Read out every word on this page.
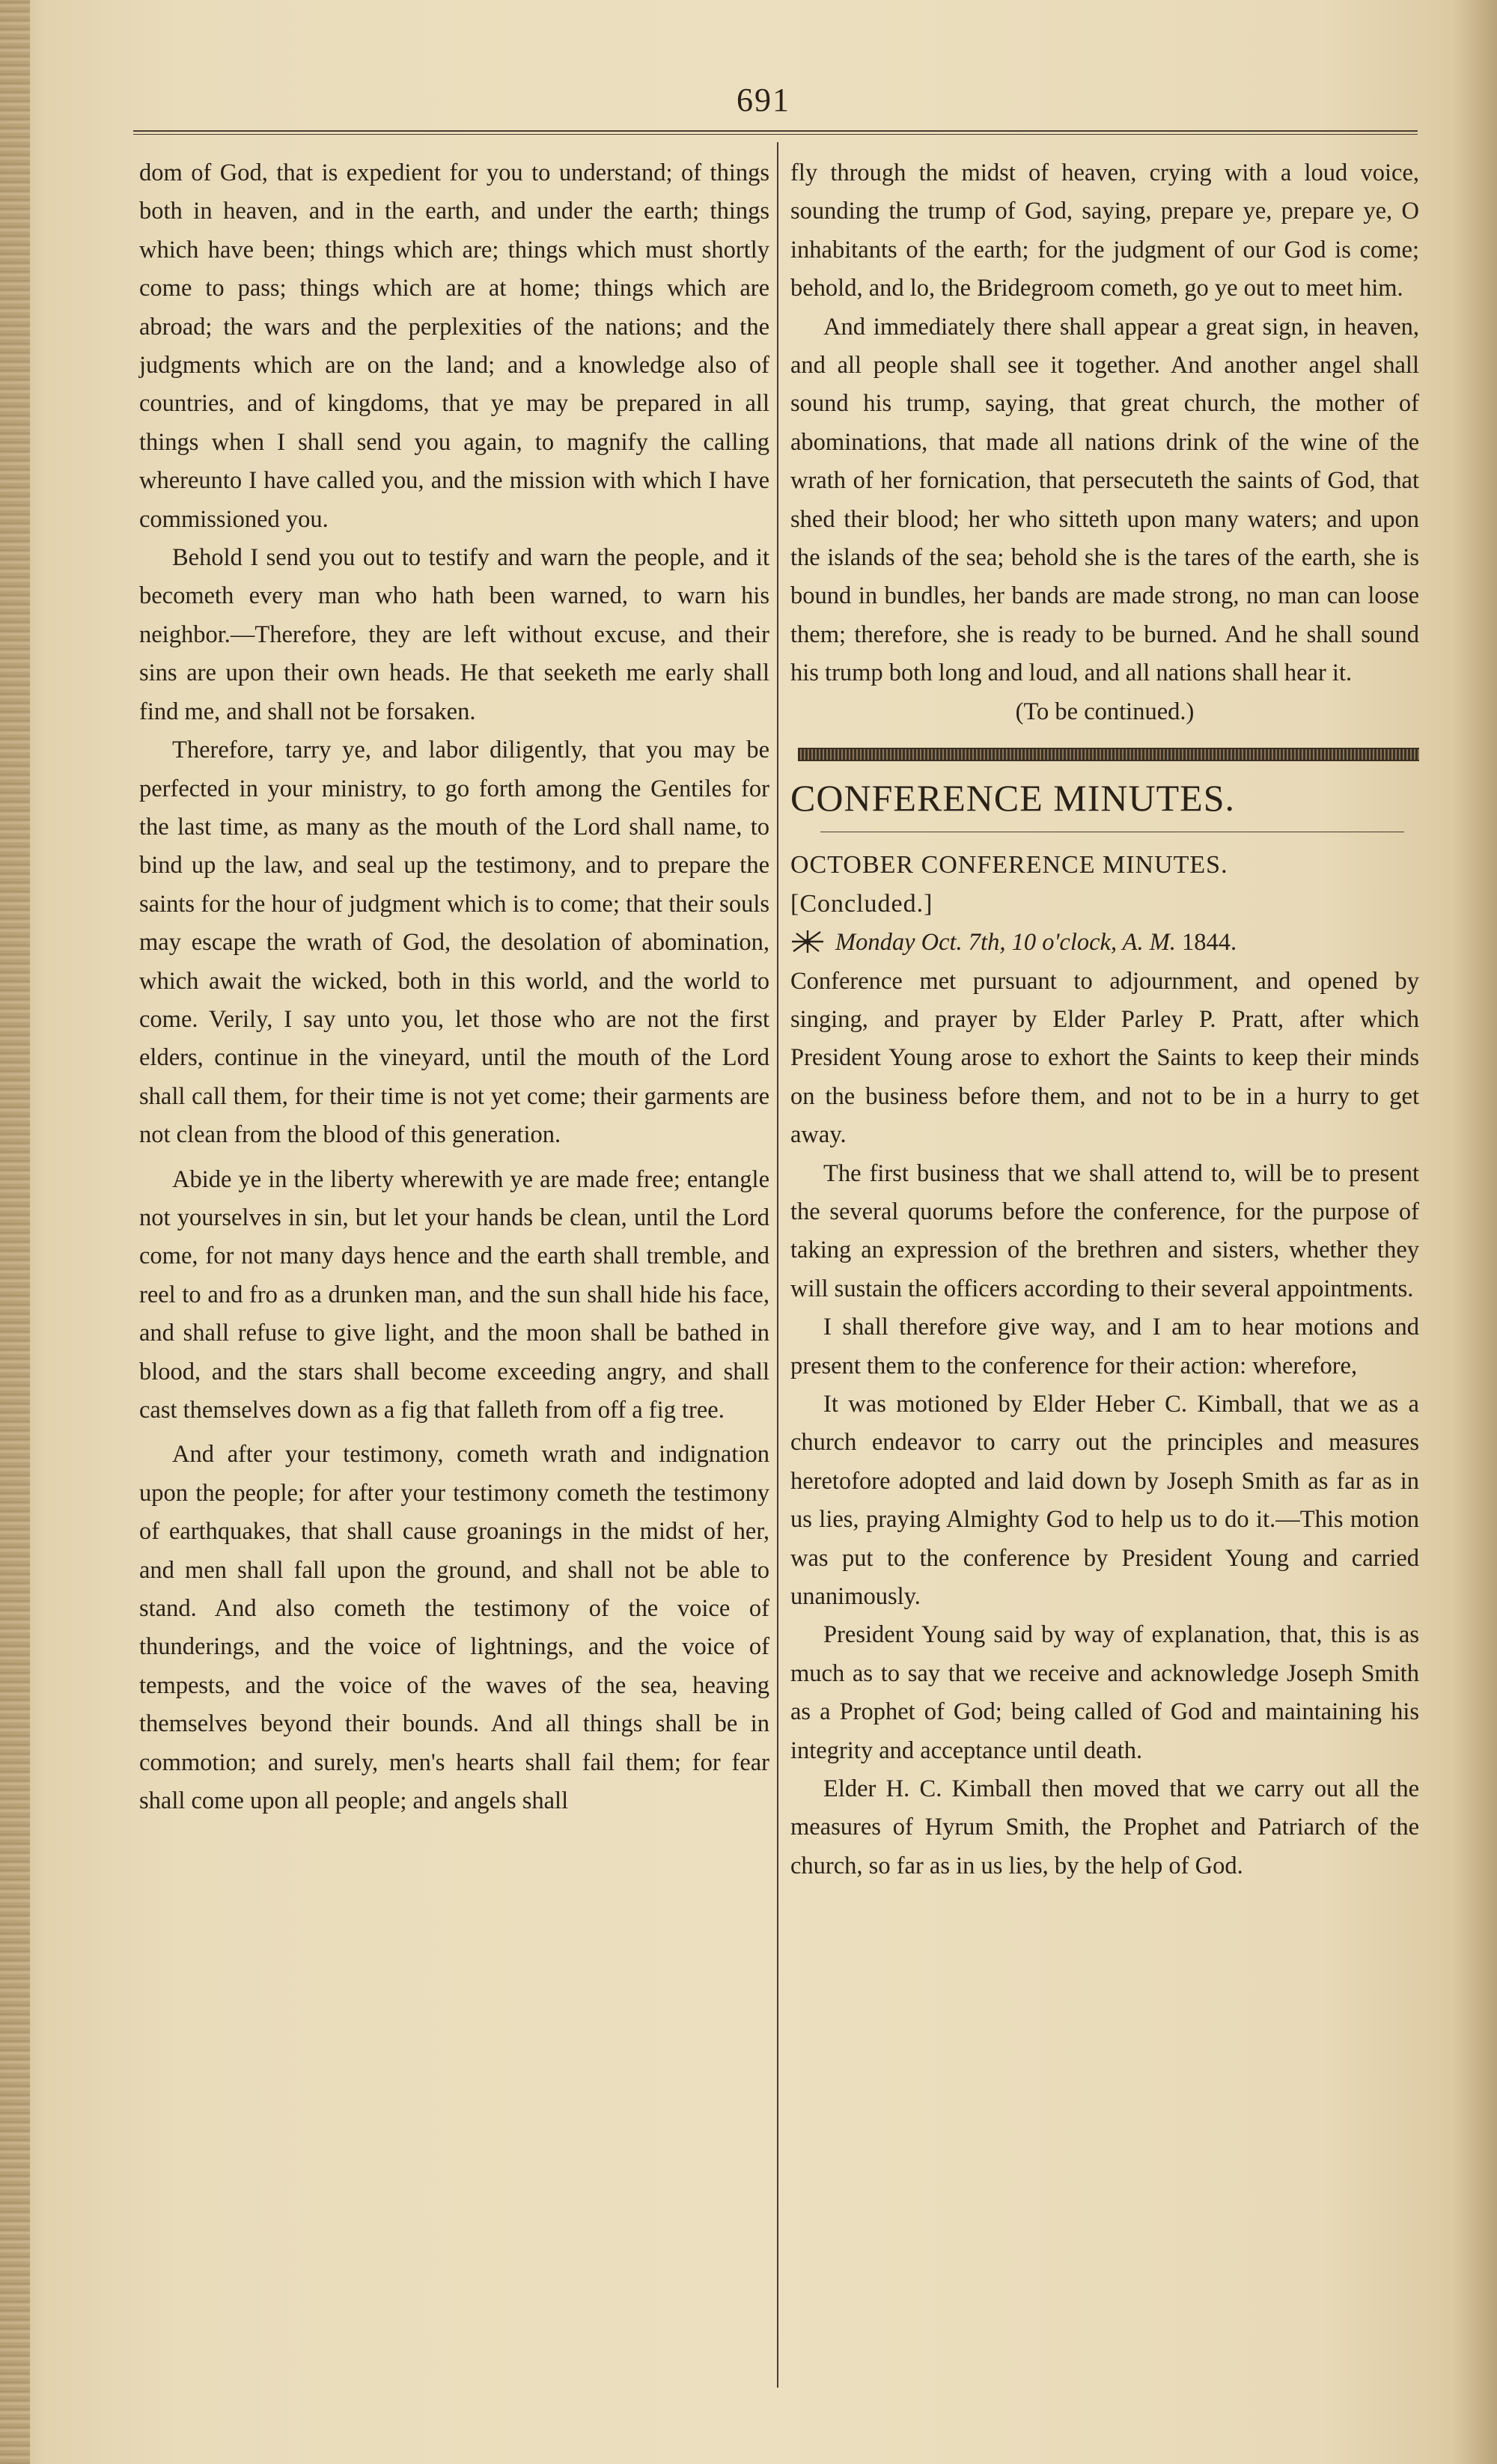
691

dom of God, that is expedient for you to understand; of things both in heaven, and in the earth, and under the earth; things which have been; things which are; things which must shortly come to pass; things which are at home; things which are abroad; the wars and the perplexities of the nations; and the judgments which are on the land; and a knowledge also of countries, and of kingdoms, that ye may be prepared in all things when I shall send you again, to magnify the calling whereunto I have called you, and the mission with which I have commissioned you.

Behold I send you out to testify and warn the people, and it becometh every man who hath been warned, to warn his neighbor.—Therefore, they are left without excuse, and their sins are upon their own heads. He that seeketh me early shall find me, and shall not be forsaken.

Therefore, tarry ye, and labor diligently, that you may be perfected in your ministry, to go forth among the Gentiles for the last time, as many as the mouth of the Lord shall name, to bind up the law, and seal up the testimony, and to prepare the saints for the hour of judgment which is to come; that their souls may escape the wrath of God, the desolation of abomination, which await the wicked, both in this world, and the world to come. Verily, I say unto you, let those who are not the first elders, continue in the vineyard, until the mouth of the Lord shall call them, for their time is not yet come; their garments are not clean from the blood of this generation.

Abide ye in the liberty wherewith ye are made free; entangle not yourselves in sin, but let your hands be clean, until the Lord come, for not many days hence and the earth shall tremble, and reel to and fro as a drunken man, and the sun shall hide his face, and shall refuse to give light, and the moon shall be bathed in blood, and the stars shall become exceeding angry, and shall cast themselves down as a fig that falleth from off a fig tree.

And after your testimony, cometh wrath and indignation upon the people; for after your testimony cometh the testimony of earthquakes, that shall cause groanings in the midst of her, and men shall fall upon the ground, and shall not be able to stand. And also cometh the testimony of the voice of thunderings, and the voice of lightnings, and the voice of tempests, and the voice of the waves of the sea, heaving themselves beyond their bounds. And all things shall be in commotion; and surely, men's hearts shall fail them; for fear shall come upon all people; and angels shall

fly through the midst of heaven, crying with a loud voice, sounding the trump of God, saying, prepare ye, prepare ye, O inhabitants of the earth; for the judgment of our God is come; behold, and lo, the Bridegroom cometh, go ye out to meet him.

And immediately there shall appear a great sign, in heaven, and all people shall see it together. And another angel shall sound his trump, saying, that great church, the mother of abominations, that made all nations drink of the wine of the wrath of her fornication, that persecuteth the saints of God, that shed their blood; her who sitteth upon many waters; and upon the islands of the sea; behold she is the tares of the earth, she is bound in bundles, her bands are made strong, no man can loose them; therefore, she is ready to be burned. And he shall sound his trump both long and loud, and all nations shall hear it.

(To be continued.)

CONFERENCE MINUTES.
OCTOBER CONFERENCE MINUTES.
[Concluded.]

Monday Oct. 7th, 10 o'clock, A. M. 1844.

Conference met pursuant to adjournment, and opened by singing, and prayer by Elder Parley P. Pratt, after which President Young arose to exhort the Saints to keep their minds on the business before them, and not to be in a hurry to get away.

The first business that we shall attend to, will be to present the several quorums before the conference, for the purpose of taking an expression of the brethren and sisters, whether they will sustain the officers according to their several appointments.

I shall therefore give way, and I am to hear motions and present them to the conference for their action: wherefore,

It was motioned by Elder Heber C. Kimball, that we as a church endeavor to carry out the principles and measures heretofore adopted and laid down by Joseph Smith as far as in us lies, praying Almighty God to help us to do it.—This motion was put to the conference by President Young and carried unanimously.

President Young said by way of explanation, that, this is as much as to say that we receive and acknowledge Joseph Smith as a Prophet of God; being called of God and maintaining his integrity and acceptance until death.

Elder H. C. Kimball then moved that we carry out all the measures of Hyrum Smith, the Prophet and Patriarch of the church, so far as in us lies, by the help of God.
